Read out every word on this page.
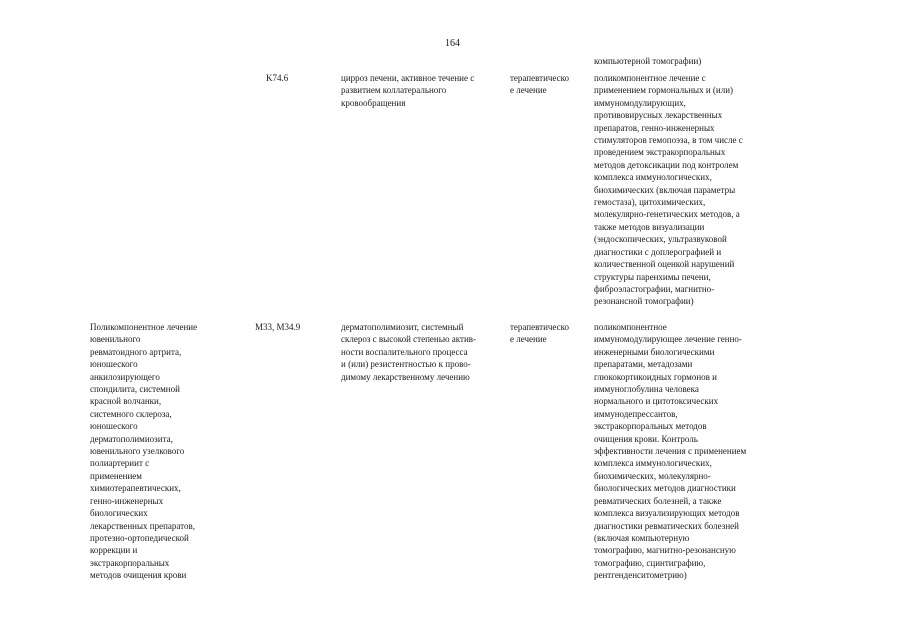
164
компьютерной томографии)
K74.6	цирроз печени, активное течение с
развитием коллатерального
кровообращения
терапевтическо
е лечение
поликомпонентное лечение с
применением гормональных и (или)
иммуномодулирующих,
противовирусных лекарственных
препаратов, генно-инженерных
стимуляторов гемопоэза, в том числе с
проведением экстракорпоральных
методов детоксикации под контролем
комплекса иммунологических,
биохимических (включая параметры
гемостаза), цитохимических,
молекулярно-генетических методов, а
также методов визуализации
(эндоскопических, ультразвуковой
диагностики с доплерографией и
количественной оценкой нарушений
структуры паренхимы печени,
фиброэластографии, магнитно-
резонансной томографии)
Поликомпонентное лечение
ювенильного
ревматоидного артрита,
юношеского
анкилозирующего
спондилита, системной
красной волчанки,
системного склероза,
юношеского
дерматополимиозита,
ювенильного узелкового
полиартериит с
применением
химиотерапевтических,
генно-инженерных
биологических
лекарственных препаратов,
протезно-ортопедической
коррекции и
экстракорпоральных
методов очищения крови
M33, M34.9	дерматополимиозит, системный
склероз с высокой степенью актив-
ности воспалительного процесса
и (или) резистентностью к прово-
димому лекарственному лечению
терапевтическо
е лечение
поликомпонентное
иммуномодулирующее лечение генно-
инженерными биологическими
препаратами, метадозами
глюкокортикоидных гормонов и
иммуноглобулина человека
нормального и цитотоксических
иммунодепрессантов,
экстракорпоральных методов
очищения крови. Контроль
эффективности лечения с применением
комплекса иммунологических,
биохимических, молекулярно-
биологических методов диагностики
ревматических болезней, а также
комплекса визуализирующих методов
диагностики ревматических болезней
(включая компьютерную
томографию, магнитно-резонансную
томографию, сцинтиграфию,
рентгенденситометрию)
